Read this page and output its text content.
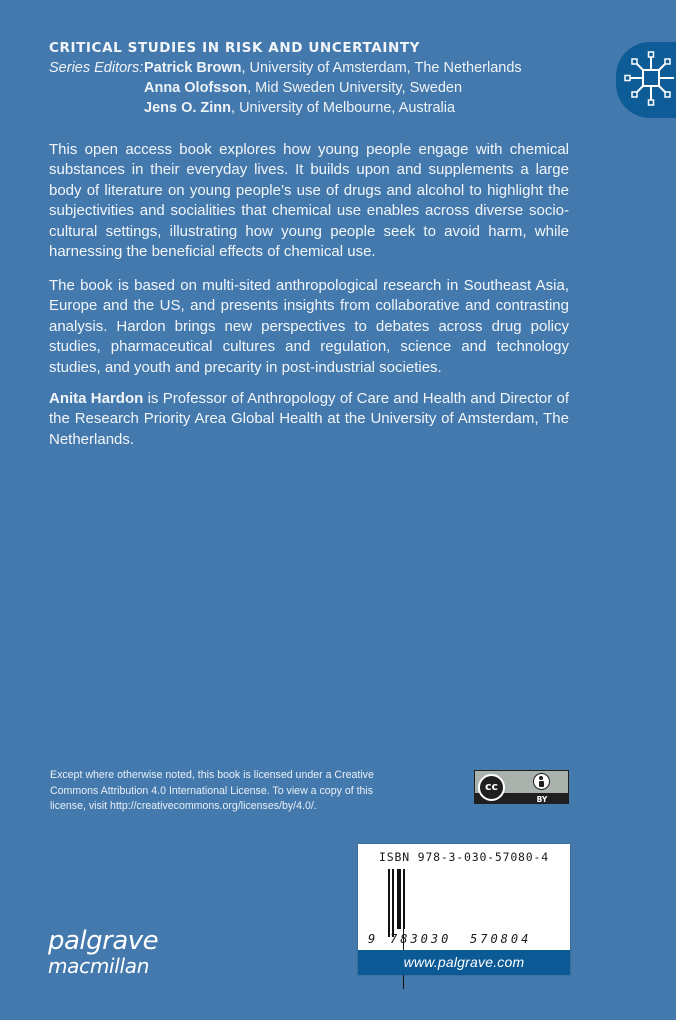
CRITICAL STUDIES IN RISK AND UNCERTAINTY
Series Editors: Patrick Brown , University of Amsterdam, The Netherlands
Anna Olofsson , Mid Sweden University, Sweden
Jens O. Zinn , University of Melbourne, Australia

This open access book explores how young people engage with chemical substances in their everyday lives. It builds upon and supplements a large body of literature on young people’s use of drugs and alcohol to highlight the subjectivities and socialities that chemical use enables across diverse socio-cultural settings, illustrating how young people seek to avoid harm, while harnessing the beneficial effects of chemical use.

The book is based on multi-sited anthropological research in Southeast Asia, Europe and the US, and presents insights from collaborative and contrasting analysis. Hardon brings new perspectives to debates across drug policy studies, pharmaceutical cultures and regulation, science and technology studies, and youth and precarity in post-industrial societies.

Anita Hardon is Professor of Anthropology of Care and Health and Director of the Research Priority Area Global Health at the University of Amsterdam, The Netherlands.

Except where otherwise noted, this book is licensed under a Creative Commons Attribution 4.0 International License. To view a copy of this license, visit http://creativecommons.org/licenses/by/4.0/.
cc
BY
ISBN 978-3-030-57080-4
9 783030 570804
www.palgrave.com
palgrave
macmillan
